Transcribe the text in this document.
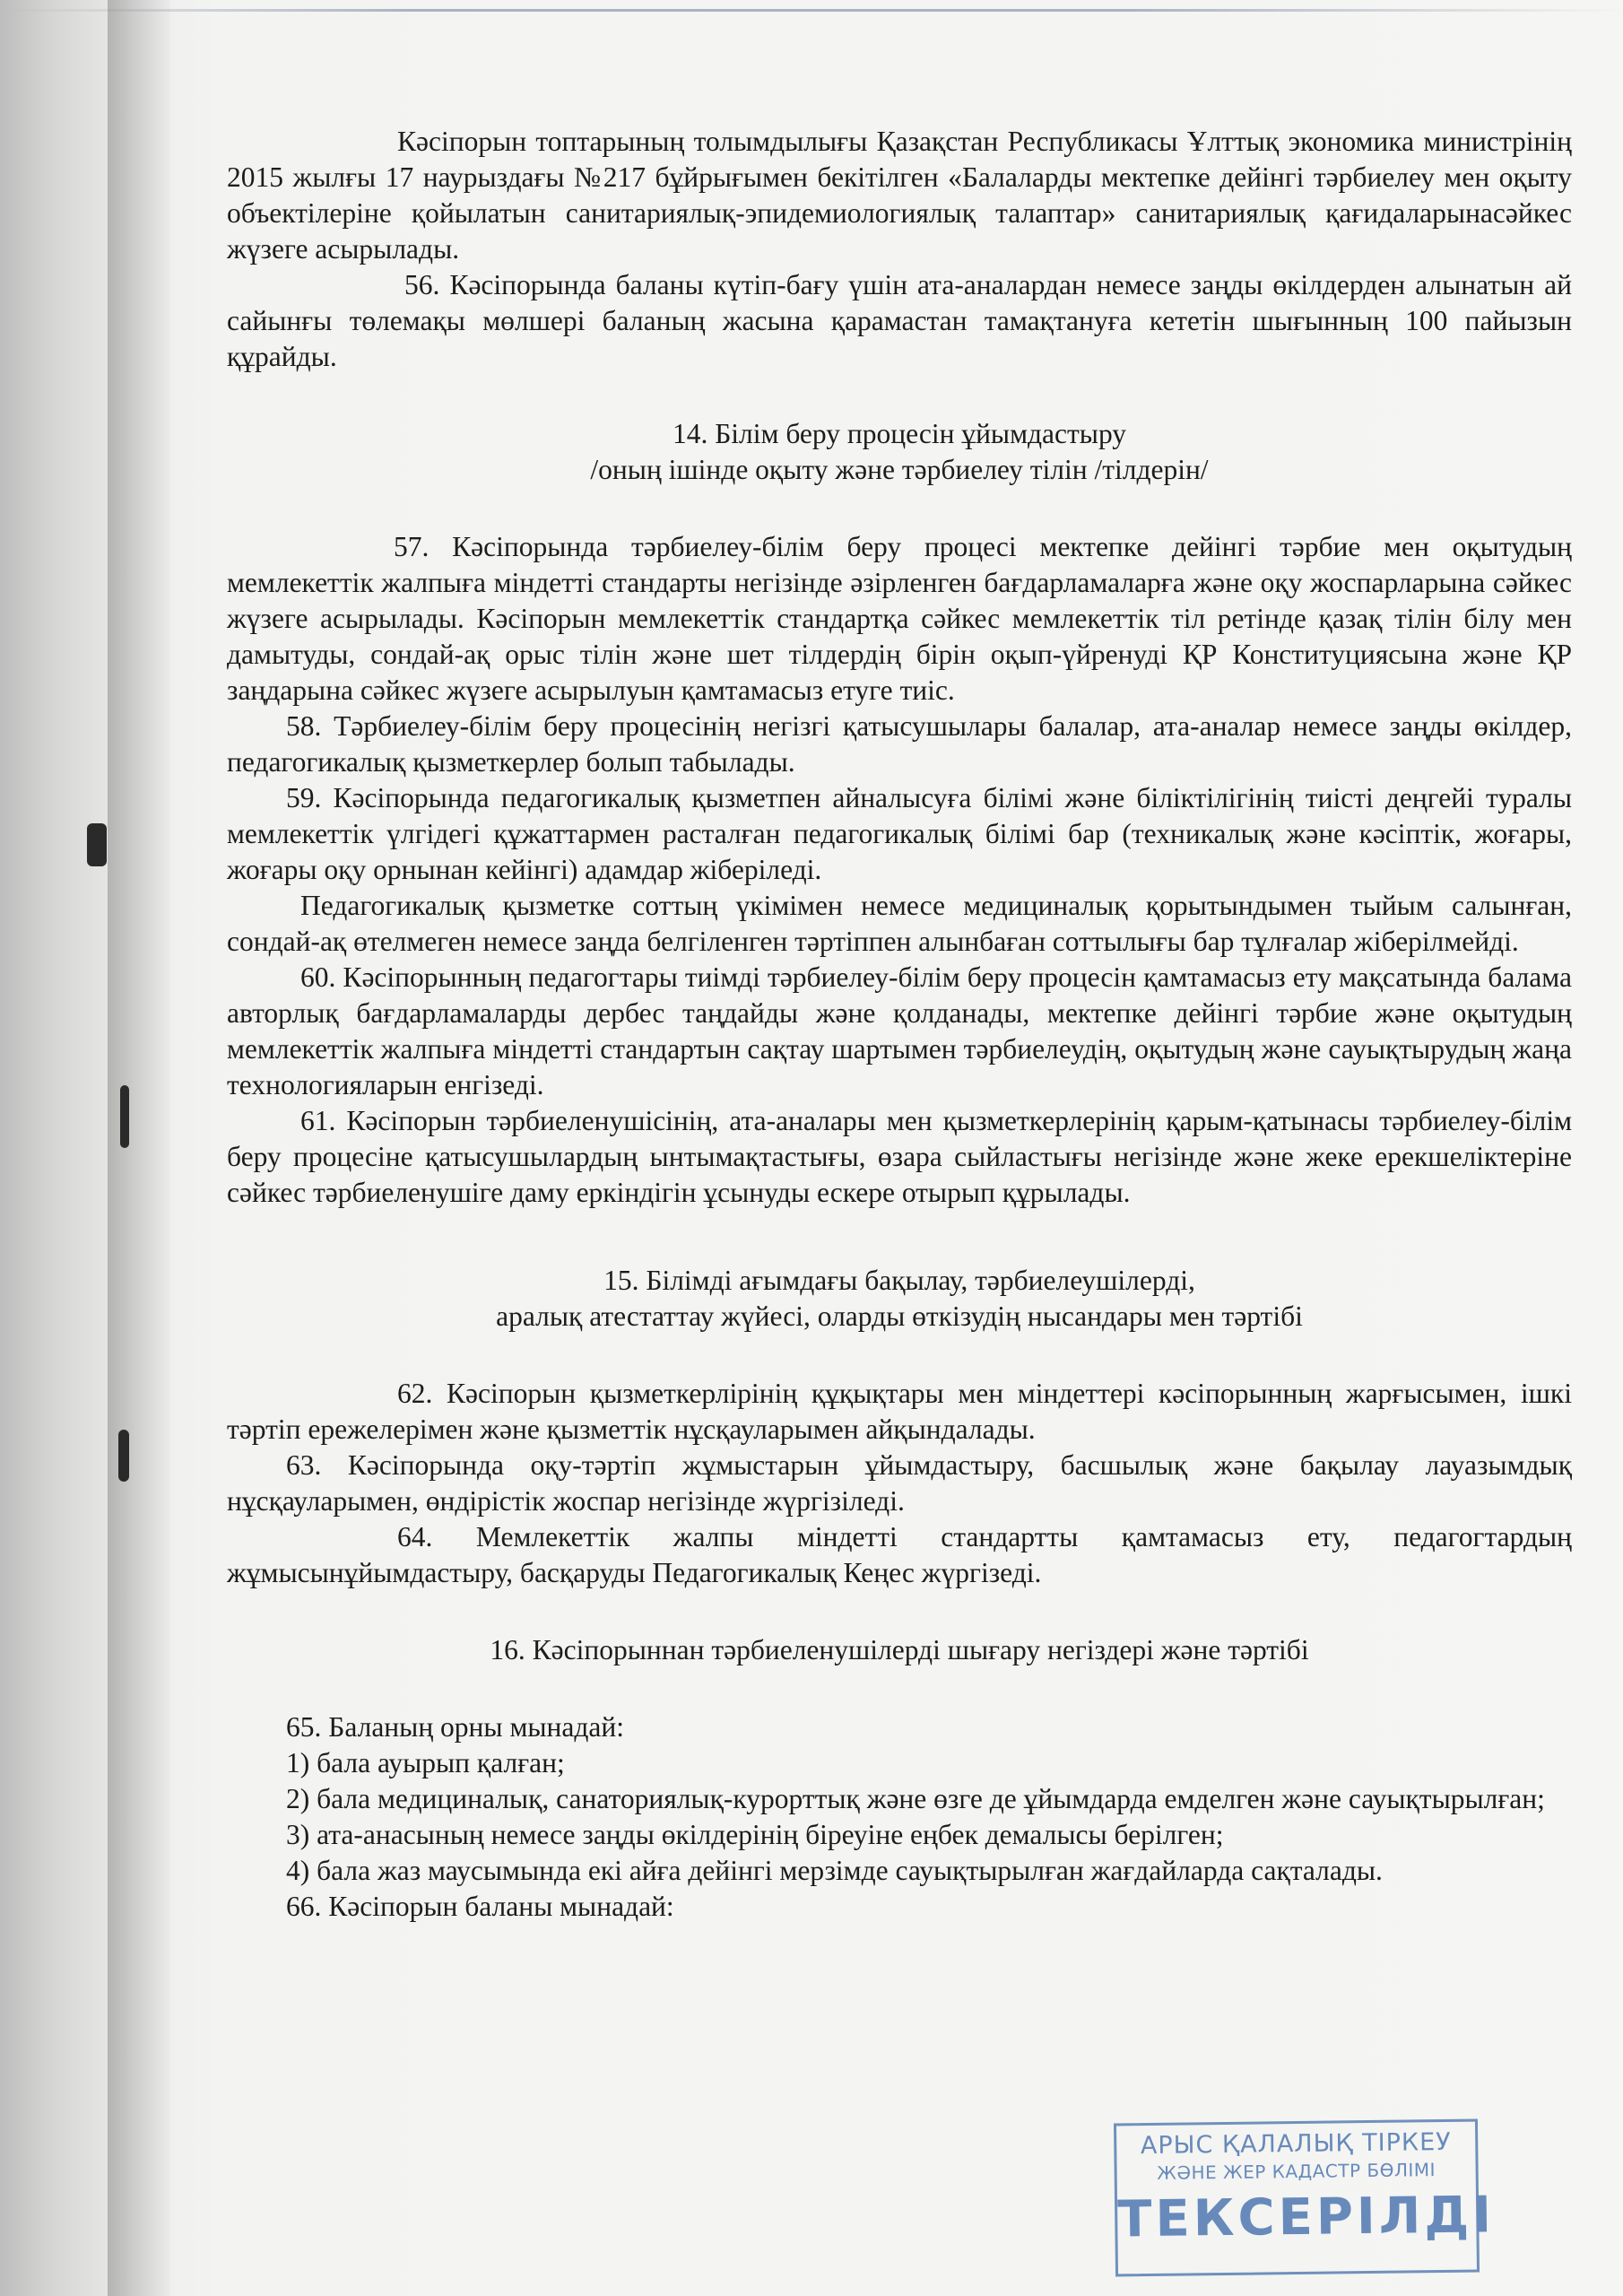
Кәсіпорын топтарының толымдылығы Қазақстан Республикасы Ұлттық экономика министрінің 2015 жылғы 17 наурыздағы №217 бұйрығымен бекітілген «Балаларды мектепке дейінгі тәрбиелеу мен оқыту объектілеріне қойылатын санитариялық-эпидемиологиялық талаптар» санитариялық қағидаларынасәйкес жүзеге асырылады.

56. Кәсіпорында баланы күтіп-бағу үшін ата-аналардан немесе заңды өкілдерден алынатын ай сайынғы төлемақы мөлшері баланың жасына қарамастан тамақтануға кететін шығынның 100 пайызын құрайды.

14. Білім беру процесін ұйымдастыру

/оның ішінде оқыту және тәрбиелеу тілін /тілдерін/

57. Кәсіпорында тәрбиелеу-білім беру процесі мектепке дейінгі тәрбие мен оқытудың мемлекеттік жалпыға міндетті стандарты негізінде әзірленген бағдарламаларға және оқу жоспарларына сәйкес жүзеге асырылады. Кәсіпорын мемлекеттік стандартқа сәйкес мемлекеттік тіл ретінде қазақ тілін білу мен дамытуды, сондай-ақ орыс тілін және шет тілдердің бірін оқып-үйренуді ҚР Конституциясына және ҚР заңдарына сәйкес жүзеге асырылуын қамтамасыз етуге тиіс.

58. Тәрбиелеу-білім беру процесінің негізгі қатысушылары балалар, ата-аналар немесе заңды өкілдер, педагогикалық қызметкерлер болып табылады.

59. Кәсіпорында педагогикалық қызметпен айналысуға білімі және біліктілігінің тиісті деңгейі туралы мемлекеттік үлгідегі құжаттармен расталған педагогикалық білімі бар (техникалық және кәсіптік, жоғары, жоғары оқу орнынан кейінгі) адамдар жіберіледі.

Педагогикалық қызметке соттың үкімімен немесе медициналық қорытындымен тыйым салынған, сондай-ақ өтелмеген немесе заңда белгіленген тәртіппен алынбаған соттылығы бар тұлғалар жіберілмейді.

60. Кәсіпорынның педагогтары тиімді тәрбиелеу-білім беру процесін қамтамасыз ету мақсатында балама авторлық бағдарламаларды дербес таңдайды және қолданады, мектепке дейінгі тәрбие және оқытудың мемлекеттік жалпыға міндетті стандартын сақтау шартымен тәрбиелеудің, оқытудың және сауықтырудың жаңа технологияларын енгізеді.

61. Кәсіпорын тәрбиеленушісінің, ата-аналары мен қызметкерлерінің қарым-қатынасы тәрбиелеу-білім беру процесіне қатысушылардың ынтымақтастығы, өзара сыйластығы негізінде және жеке ерекшеліктеріне сәйкес тәрбиеленушіге даму еркіндігін ұсынуды ескере отырып құрылады.

15. Білімді ағымдағы бақылау, тәрбиелеушілерді,

аралық атестаттау жүйесі, оларды өткізудің нысандары мен тәртібі

62. Кәсіпорын қызметкерлірінің құқықтары мен міндеттері кәсіпорынның жарғысымен, ішкі тәртіп ережелерімен және қызметтік нұсқауларымен айқындалады.

63. Кәсіпорында оқу-тәртіп жұмыстарын ұйымдастыру, басшылық және бақылау лауазымдық нұсқауларымен, өндірістік жоспар негізінде жүргізіледі.

64. Мемлекеттік жалпы міндетті стандартты қамтамасыз ету, педагогтардың жұмысынұйымдастыру, басқаруды Педагогикалық Кеңес жүргізеді.

16. Кәсіпорыннан тәрбиеленушілерді шығару негіздері және тәртібі

65. Баланың орны мынадай:

1) бала ауырып қалған;

2) бала медициналық, санаториялық-курорттық және өзге де ұйымдарда емделген және сауықтырылған;

3) ата-анасының немесе заңды өкілдерінің біреуіне еңбек демалысы берілген;

4) бала жаз маусымында екі айға дейінгі мерзімде сауықтырылған жағдайларда сақталады.

66. Кәсіпорын баланы мынадай:

АРЫС ҚАЛАЛЫҚ ТІРКЕУ
ЖӘНЕ ЖЕР КАДАСТР БӨЛІМІ
ТЕКСЕРІЛДІ
